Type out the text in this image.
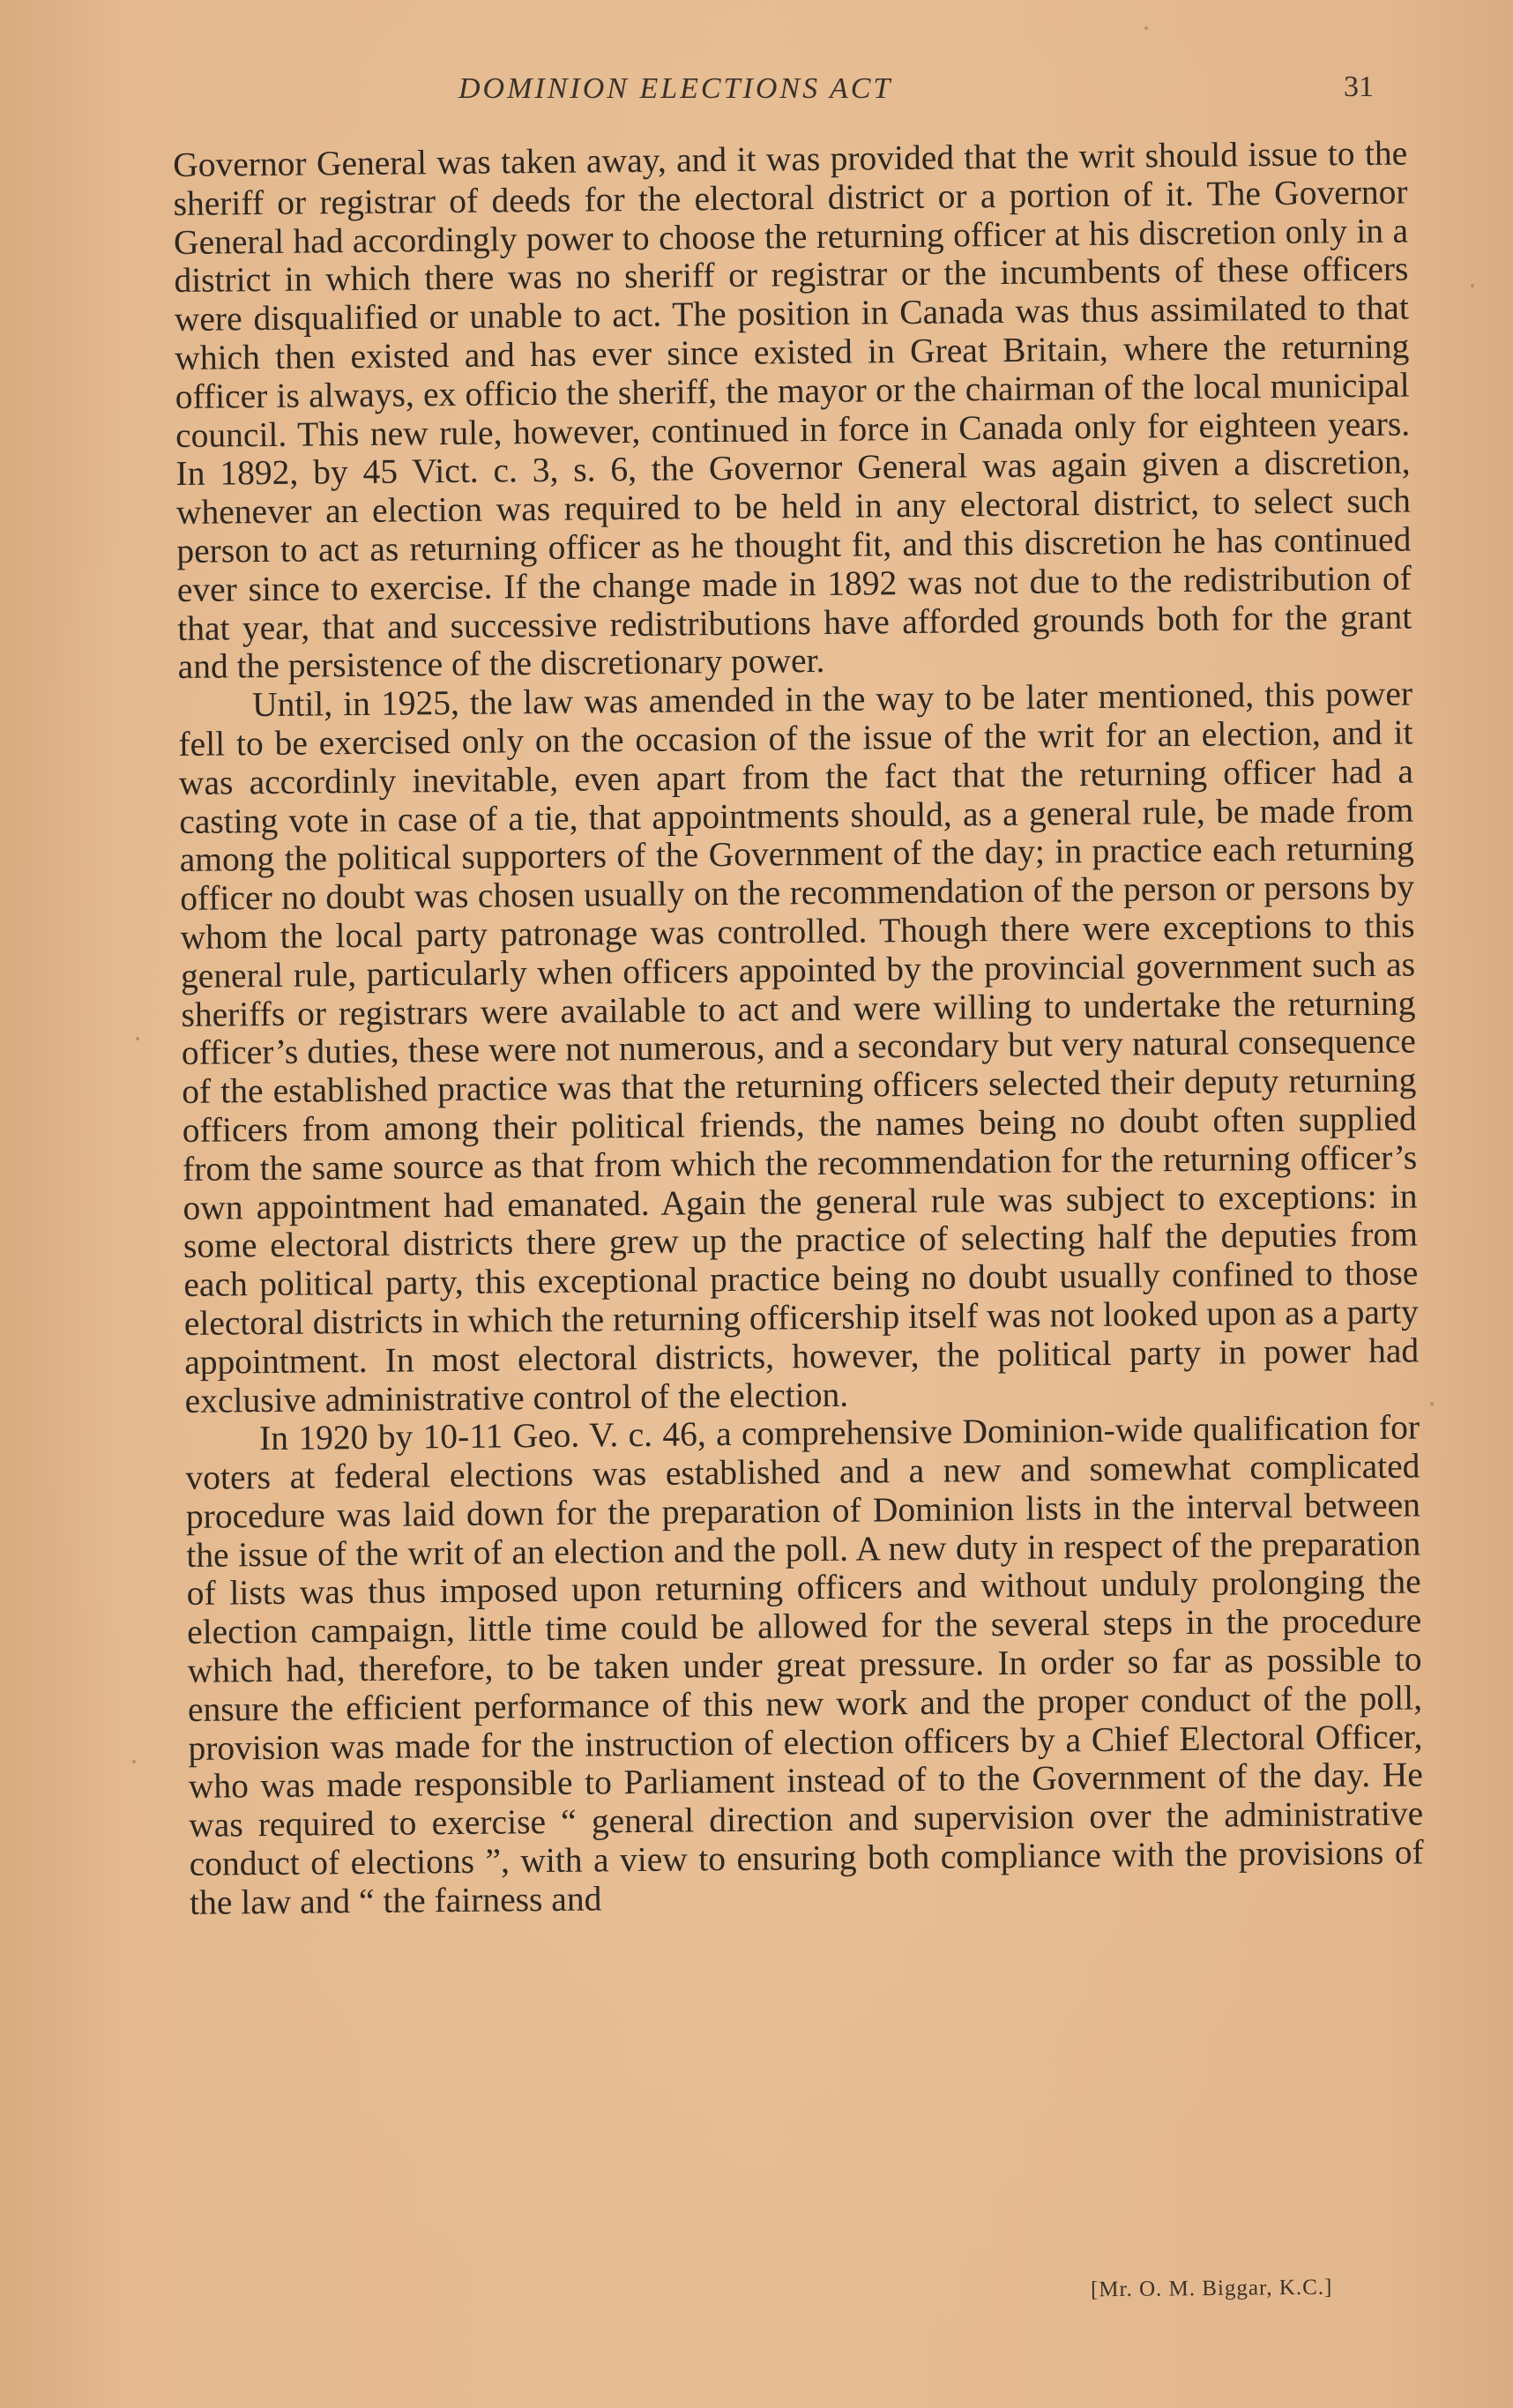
DOMINION ELECTIONS ACT	31

Governor General was taken away, and it was provided that the writ should issue to the sheriff or registrar of deeds for the electoral district or a portion of it. The Governor General had accordingly power to choose the returning officer at his discretion only in a district in which there was no sheriff or registrar or the incumbents of these officers were disqualified or unable to act. The position in Canada was thus assimilated to that which then existed and has ever since existed in Great Britain, where the returning officer is always, ex officio the sheriff, the mayor or the chairman of the local municipal council. This new rule, however, continued in force in Canada only for eighteen years. In 1892, by 45 Vict. c. 3, s. 6, the Governor General was again given a discretion, whenever an election was required to be held in any electoral district, to select such person to act as returning officer as he thought fit, and this discretion he has continued ever since to exercise. If the change made in 1892 was not due to the redistribution of that year, that and successive redistributions have afforded grounds both for the grant and the persistence of the discretionary power.

Until, in 1925, the law was amended in the way to be later mentioned, this power fell to be exercised only on the occasion of the issue of the writ for an election, and it was accordinly inevitable, even apart from the fact that the returning officer had a casting vote in case of a tie, that appointments should, as a general rule, be made from among the political supporters of the Government of the day; in practice each returning officer no doubt was chosen usually on the recommendation of the person or persons by whom the local party patronage was controlled. Though there were exceptions to this general rule, particularly when officers appointed by the provincial government such as sheriffs or registrars were available to act and were willing to undertake the returning officer’s duties, these were not numerous, and a secondary but very natural consequence of the established practice was that the returning officers selected their deputy returning officers from among their political friends, the names being no doubt often supplied from the same source as that from which the recommendation for the returning officer’s own appointment had emanated. Again the general rule was subject to exceptions: in some electoral districts there grew up the practice of selecting half the deputies from each political party, this exceptional practice being no doubt usually confined to those electoral districts in which the returning officership itself was not looked upon as a party appointment. In most electoral districts, however, the political party in power had exclusive administrative control of the election.

In 1920 by 10-11 Geo. V. c. 46, a comprehensive Dominion-wide qualification for voters at federal elections was established and a new and somewhat complicated procedure was laid down for the preparation of Dominion lists in the interval between the issue of the writ of an election and the poll. A new duty in respect of the preparation of lists was thus imposed upon returning officers and without unduly prolonging the election campaign, little time could be allowed for the several steps in the procedure which had, therefore, to be taken under great pressure. In order so far as possible to ensure the efficient performance of this new work and the proper conduct of the poll, provision was made for the instruction of election officers by a Chief Electoral Officer, who was made responsible to Parliament instead of to the Government of the day. He was required to exercise “ general direction and supervision over the administrative conduct of elections ”, with a view to ensuring both compliance with the provisions of the law and “ the fairness and

[Mr. O. M. Biggar, K.C.]
